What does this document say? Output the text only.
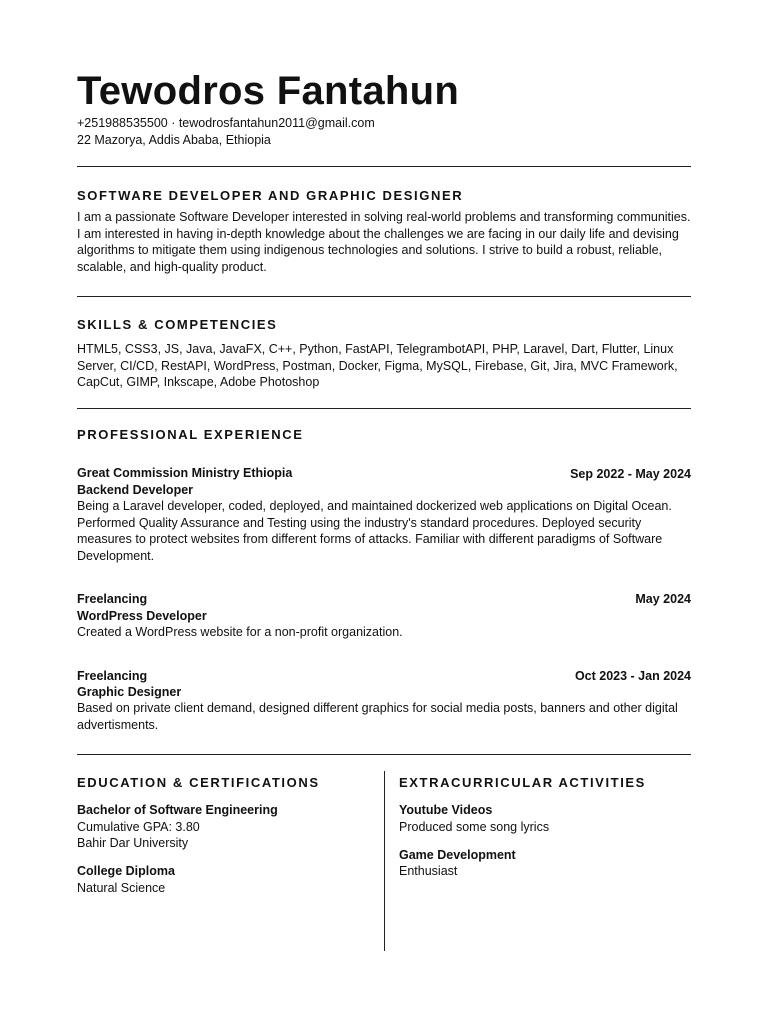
Tewodros Fantahun
+251988535500 · tewodrosfantahun2011@gmail.com
22 Mazorya, Addis Ababa, Ethiopia
SOFTWARE DEVELOPER AND GRAPHIC DESIGNER
I am a passionate Software Developer interested in solving real-world problems and transforming communities. I am interested in having in-depth knowledge about the challenges we are facing in our daily life and devising algorithms to mitigate them using indigenous technologies and solutions. I strive to build a robust, reliable, scalable, and high-quality product.
SKILLS & COMPETENCIES
HTML5, CSS3, JS, Java, JavaFX, C++, Python, FastAPI, TelegrambotAPI, PHP, Laravel, Dart, Flutter, Linux Server, CI/CD, RestAPI, WordPress, Postman, Docker, Figma, MySQL, Firebase, Git, Jira, MVC Framework, CapCut, GIMP, Inkscape, Adobe Photoshop
PROFESSIONAL EXPERIENCE
Great Commission Ministry Ethiopia	Sep 2022 - May 2024
Backend Developer
Being a Laravel developer, coded, deployed, and maintained dockerized web applications on Digital Ocean. Performed Quality Assurance and Testing using the industry's standard procedures. Deployed security measures to protect websites from different forms of attacks. Familiar with different paradigms of Software Development.
Freelancing	May 2024
WordPress Developer
Created a WordPress website for a non-profit organization.
Freelancing	Oct 2023 - Jan 2024
Graphic Designer
Based on private client demand, designed different graphics for social media posts, banners and other digital advertisments.
EDUCATION & CERTIFICATIONS
Bachelor of Software Engineering
Cumulative GPA: 3.80
Bahir Dar University
College Diploma
Natural Science
EXTRACURRICULAR ACTIVITIES
Youtube Videos
Produced some song lyrics
Game Development
Enthusiast
